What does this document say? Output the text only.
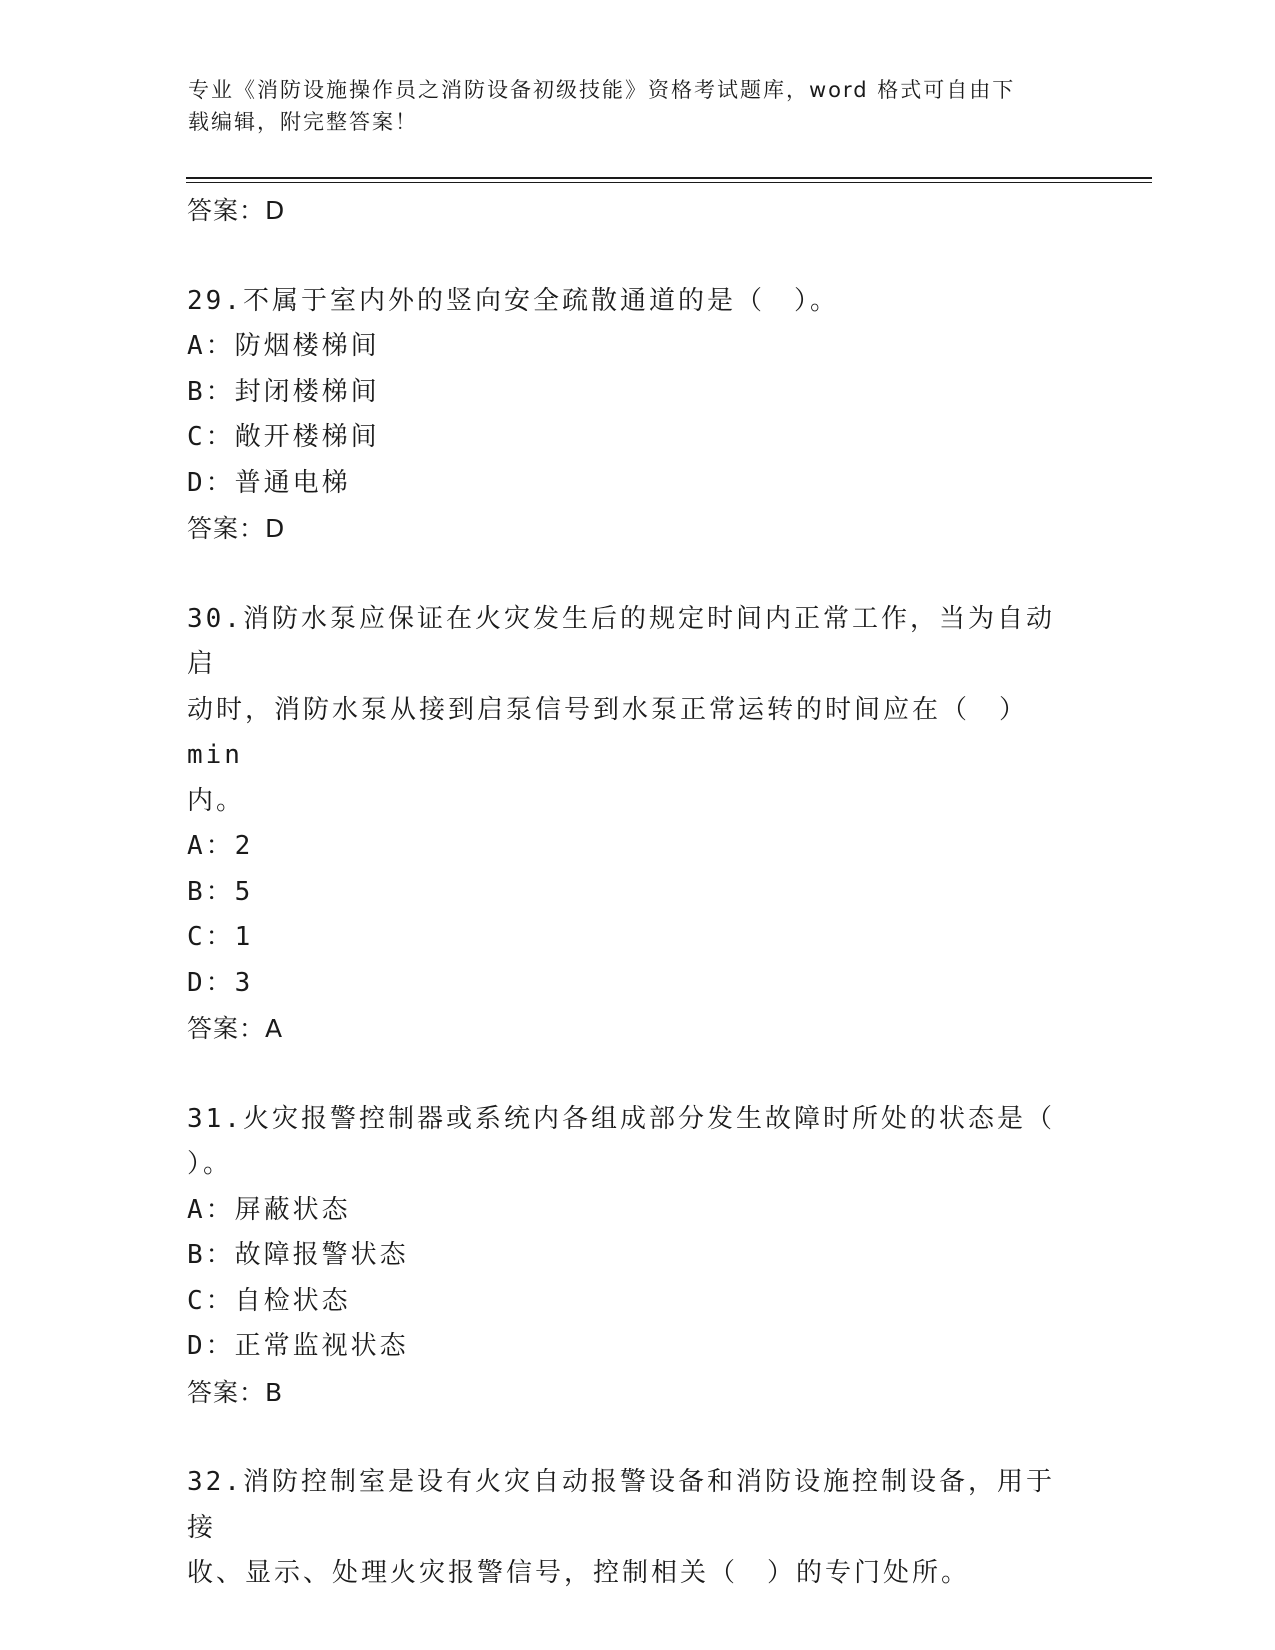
专业《消防设施操作员之消防设备初级技能》资格考试题库，word 格式可自由下
载编辑，附完整答案！
答案：D
29.不属于室内外的竖向安全疏散通道的是（　）。
A：防烟楼梯间
B：封闭楼梯间
C：敞开楼梯间
D：普通电梯
答案：D
30.消防水泵应保证在火灾发生后的规定时间内正常工作，当为自动启
动时，消防水泵从接到启泵信号到水泵正常运转的时间应在（　）min
内。
A：2
B：5
C：1
D：3
答案：A
31.火灾报警控制器或系统内各组成部分发生故障时所处的状态是（
）。
A：屏蔽状态
B：故障报警状态
C：自检状态
D：正常监视状态
答案：B
32.消防控制室是设有火灾自动报警设备和消防设施控制设备，用于接
收、显示、处理火灾报警信号，控制相关（　）的专门处所。
